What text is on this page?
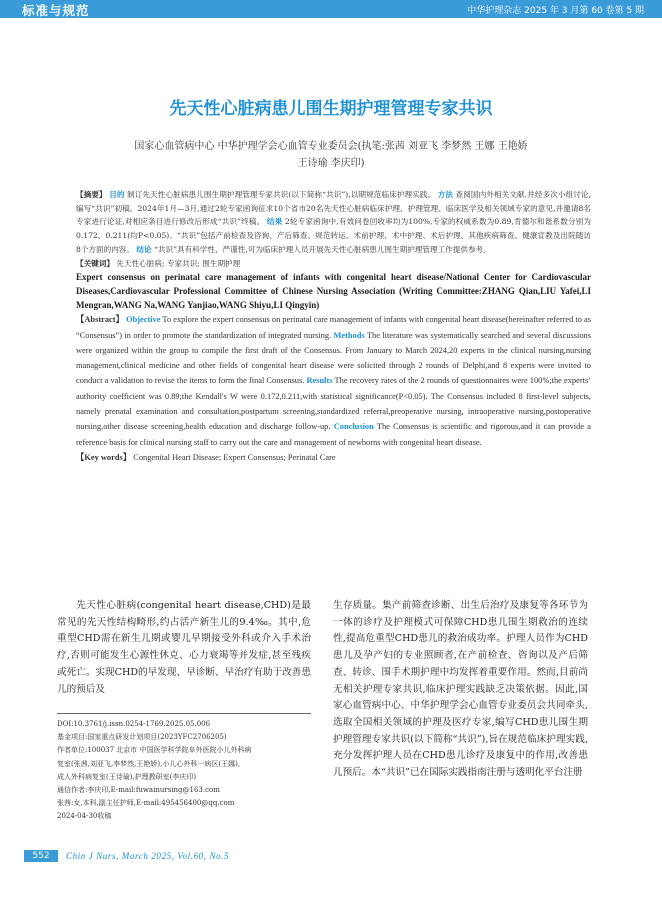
标准与规范	中华护理杂志 2025 年 3 月第 60 卷第 5 期
先天性心脏病患儿围生期护理管理专家共识
国家心血管病中心 中华护理学会心血管专业委员会(执笔:张茜 刘亚飞 李梦然 王娜 王艳娇
王诗瑜 李庆印)

【摘要】 目的 制订先天性心脏病患儿围生期护理管理专家共识(以下简称“共识”),以期规范临床护理实践。 方法 查阅国内外相关文献,并经多次小组讨论,编写“共识”初稿。2024年1月—3月,通过2轮专家函询征求10个省市20名先天性心脏病临床护理、护理管理、临床医学及相关领域专家的意见,并邀请8名专家进行论证,对相应条目进行修改后形成“共识”终稿。 结果 2轮专家函询中,有效问卷回收率均为100%,专家的权威系数为0.89,肯德尔和谐系数分别为0.172、0.211(均P<0.05)。“共识”包括产前检查及咨询、产后筛查、规范转运、术前护理、术中护理、术后护理、其他疾病筛查、健康宣教及出院随访8个方面的内容。 结论 “共识”具有科学性、严谨性,可为临床护理人员开展先天性心脏病患儿围生期护理管理工作提供参考。

【关键词】 先天性心脏病; 专家共识; 围生期护理

Expert consensus on perinatal care management of infants with congenital heart disease/National Center for Cardiovascular Diseases,Cardiovascular Professional Committee of Chinese Nursing Association (Writing Committee:ZHANG Qian,LIU Yafei,LI Mengran,WANG Na,WANG Yanjiao,WANG Shiyu,LI Qingyin)

【Abstract】 Objective To explore the expert consensus on perinatal care management of infants with congenital heart disease(hereinafter referred to as “Consensus”) in order to promote the standardization of integrated nursing. Methods The literature was systematically searched and several discussions were organized within the group to compile the first draft of the Consensus. From January to March 2024,20 experts in the clinical nursing,nursing management,clinical medicine and other fields of congenital heart disease were solicited through 2 rounds of Delphi,and 8 experts were invited to conduct a validation to revise the items to form the final Consensus. Results The recovery rates of the 2 rounds of questionnaires were 100%;the experts’ authority coefficient was 0.89;the Kendall's W were 0.172,0.211,with statistical significance(P<0.05). The Consensus included 8 first-level subjects, namely prenatal examination and consultation,postpartum screening,standardized referral,preoperative nursing, intraoperative nursing,postoperative nursing,other disease screening,health education and discharge follow-up. Conclusion The Consensus is scientific and rigorous,and it can provide a reference basis for clinical nursing staff to carry out the care and management of newborns with congenital heart disease.

【Key words】 Congenital Heart Disease; Expert Consensus; Perinatal Care

先天性心脏病(congenital heart disease,CHD)是最常见的先天性结构畸形,约占活产新生儿的9.4‰。其中,危重型CHD需在新生儿期或婴儿早期接受外科或介入手术治疗,否则可能发生心源性休克、心力衰竭等并发症,甚至残疾或死亡。实现CHD的早发现、早诊断、早治疗有助于改善患儿的预后及

DOI:10.3761/j.issn.0254-1769.2025.05.006
基金项目:国家重点研发计划项目(2023YFC2706205)
作者单位:100037 北京市 中国医学科学院阜外医院小儿外科病
复室(张茜,刘亚飞,李梦然,王艳娇),小儿心外科一病区(王娜),
成人外科病复室(王诗瑜),护理教研室(李庆印)
通信作者:李庆印,E-mail:fuwainursing@163.com
张茜:女,本科,副主任护师,E-mail:495456400@qq.com
2024-04-30收稿

生存质量。集产前筛查诊断、出生后治疗及康复等各环节为一体的诊疗及护理模式可保障CHD患儿围生期救治的连续性,提高危重型CHD患儿的救治成功率。护理人员作为CHD患儿及孕产妇的专业照顾者,在产前检查、咨询以及产后筛查、转诊、围手术期护理中均发挥着重要作用。然而,目前尚无相关护理专家共识,临床护理实践缺乏决策依据。因此,国家心血管病中心、中华护理学会心血管专业委员会共同牵头,选取全国相关领域的护理及医疗专家,编写CHD患儿围生期护理管理专家共识(以下简称“共识”),旨在规范临床护理实践,充分发挥护理人员在CHD患儿诊疗及康复中的作用,改善患儿预后。本“共识”已在国际实践指南注册与透明化平台注册

552	Chin J Nurs, March 2025, Vol.60, No.5
